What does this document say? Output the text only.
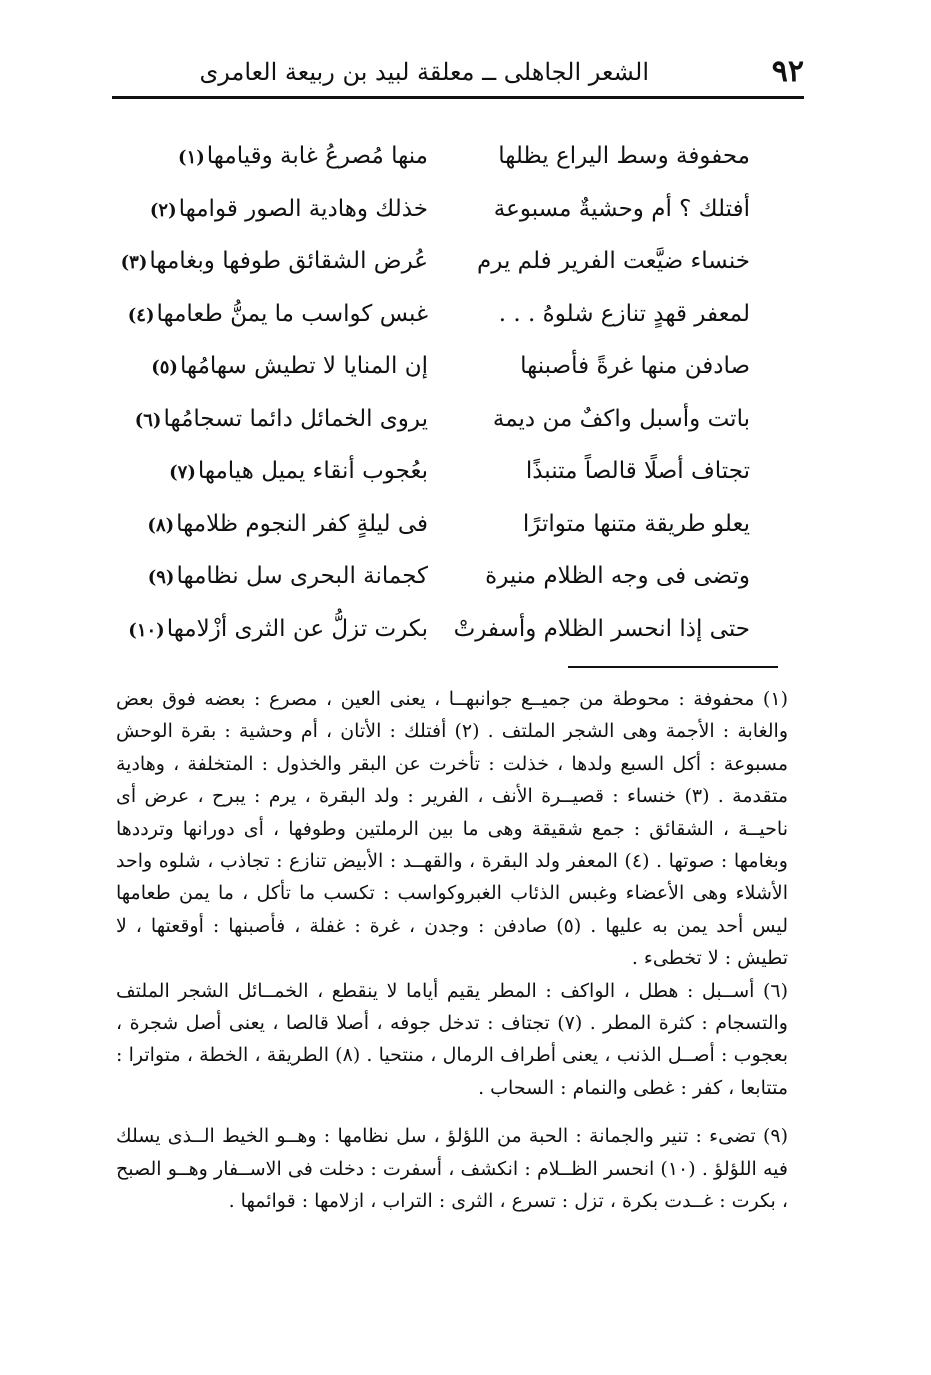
٩٢
الشعر الجاهلى ــ معلقة لبيد بن ربيعة العامرى
محفوفة وسط اليراع يظلها
منها مُصرعُ غابة وقيامها(١)
أفتلك ؟ أم وحشيةٌ مسبوعة
خذلك وهادية الصور قوامها(٢)
خنساء ضيَّعت الفرير فلم يرم
عُرض الشقائق طوفها وبغامها(٣)
لمعفر قهدٍ تنازع شلوهُ . . .
غبس كواسب ما يمنُّ طعامها(٤)
صادفن منها غرةً فأصبنها
إن المنايا لا تطيش سهامُها(٥)
باتت وأسبل واكفٌ من ديمة
يروى الخمائل دائما تسجامُها(٦)
تجتاف أصلًا قالصاً متنبذًا
بعُجوب أنقاء يميل هيامها(٧)
يعلو طريقة متنها متواترًا
فى ليلةٍ كفر النجوم ظلامها(٨)
وتضى فى وجه الظلام منيرة
كجمانة البحرى سل نظامها(٩)
حتى إذا انحسر الظلام وأسفرتْ
بكرت تزلُّ عن الثرى أزْلامها(١٠)

(١) محفوفة : محوطة من جميــع جوانبهــا ، يعنى العين ، مصرع : بعضه فوق بعض والغابة : الأجمة وهى الشجر الملتف . (٢) أفتلك : الأتان ، أم وحشية : بقرة الوحش مسبوعة : أكل السبع ولدها ، خذلت : تأخرت عن البقر والخذول : المتخلفة ، وهادية متقدمة . (٣) خنساء : قصيــرة الأنف ، الفرير : ولد البقرة ، يرم : يبرح ، عرض أى ناحيــة ، الشقائق : جمع شقيقة وهى ما بين الرملتين وطوفها ، أى دورانها وترددها وبغامها : صوتها . (٤) المعفر ولد البقرة ، والقهــد : الأبيض تنازع : تجاذب ، شلوه واحد الأشلاء وهى الأعضاء وغبس الذئاب الغبروكواسب : تكسب ما تأكل ، ما يمن طعامها ليس أحد يمن به عليها . (٥) صادفن : وجدن ، غرة : غفلة ، فأصبنها : أوقعتها ، لا تطيش : لا تخطىء .

(٦) أســبل : هطل ، الواكف : المطر يقيم أياما لا ينقطع ، الخمــائل الشجر الملتف والتسجام : كثرة المطر . (٧) تجتاف : تدخل جوفه ، أصلا قالصا ، يعنى أصل شجرة ، بعجوب : أصــل الذنب ، يعنى أطراف الرمال ، منتحيا . (٨) الطريقة ، الخطة ، متواترا : متتابعا ، كفر : غطى والنمام : السحاب .

(٩) تضىء : تنير والجمانة : الحبة من اللؤلؤ ، سل نظامها : وهــو الخيط الــذى يسلك فيه اللؤلؤ . (١٠) انحسر الظــلام : انكشف ، أسفرت : دخلت فى الاســفار وهــو الصبح ، بكرت : غــدت بكرة ، تزل : تسرع ، الثرى : التراب ، ازلامها : قوائمها .
